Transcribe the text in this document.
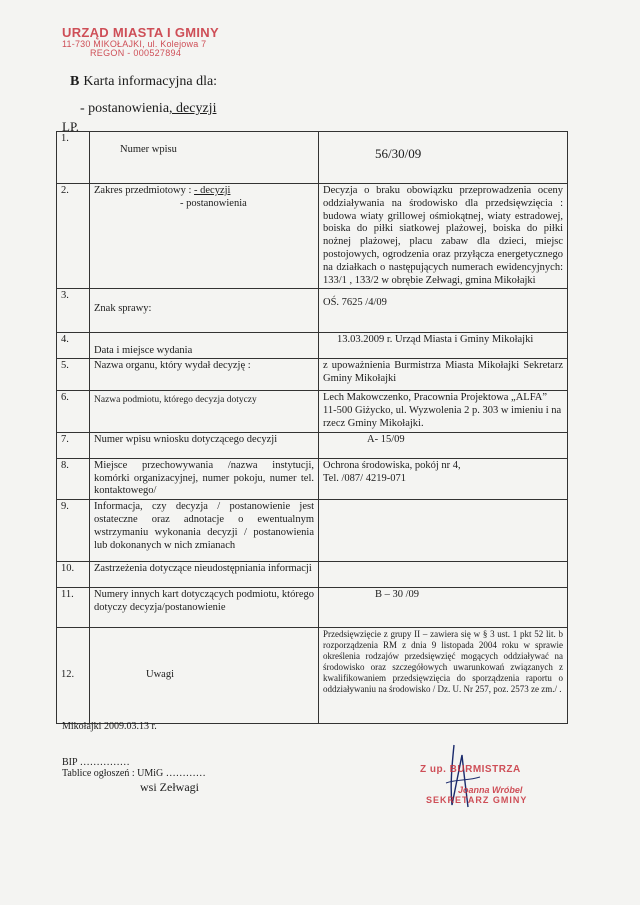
URZĄD MIASTA I GMINY
11-730 MIKOŁAJKI, ul. Kolejowa 7
REGON - 000527894
B Karta informacyjna dla:
- postanowienia, decyzji
LP.
1.	Numer wpisu	56/30/09
2.	Zakres przedmiotowy : - decyzji
- postanowienia	Decyzja o braku obowiązku przeprowadzenia oceny oddziaływania na środowisko dla przedsięwzięcia : budowa wiaty grillowej ośmiokątnej, wiaty estradowej, boiska do piłki siatkowej plażowej, boiska do piłki nożnej plażowej, placu zabaw dla dzieci, miejsc postojowych, ogrodzenia oraz przyłącza energetycznego na działkach o następujących numerach ewidencyjnych: 133/1 , 133/2 w obrębie Zełwagi, gmina Mikołajki
3.	Znak sprawy:	OŚ. 7625 /4/09
4.	Data i miejsce wydania	13.03.2009 r. Urząd Miasta i Gminy Mikołajki
5.	Nazwa organu, który wydał decyzję :	z upoważnienia Burmistrza Miasta Mikołajki Sekretarz Gminy Mikołajki
6.	Nazwa podmiotu, którego decyzja dotyczy	Lech Makowczenko, Pracownia Projektowa „ALFA”
11-500 Giżycko, ul. Wyzwolenia 2 p. 303 w imieniu i na rzecz Gminy Mikołajki.
7.	Numer wpisu wniosku dotyczącego decyzji	A- 15/09
8.	Miejsce przechowywania /nazwa instytucji, komórki organizacyjnej, numer pokoju, numer tel. kontaktowego/	Ochrona środowiska, pokój nr 4,
Tel. /087/ 4219-071
9.	Informacja, czy decyzja / postanowienie jest ostateczne oraz adnotacje o ewentualnym wstrzymaniu wykonania decyzji / postanowienia lub dokonanych w nich zmianach	
10.	Zastrzeżenia dotyczące nieudostępniania informacji	
11.	Numery innych kart dotyczących podmiotu, którego dotyczy decyzja/postanowienie	B – 30 /09
12.	Uwagi	Przedsięwzięcie z grupy II – zawiera się w § 3 ust. 1 pkt 52 lit. b rozporządzenia RM z dnia 9 listopada 2004 roku w sprawie określenia rodzajów przedsięwzięć mogących oddziaływać na środowisko oraz szczegółowych uwarunkowań związanych z kwalifikowaniem przedsięwzięcia do sporządzenia raportu o oddziaływaniu na środowisko / Dz. U. Nr 257, poz. 2573 ze zm./ .
Mikołajki 2009.03.13 r.
BIP ……………
Tablice ogłoszeń : UMiG …………
wsi Zełwagi
Z up. BURMISTRZA
Joanna Wróbel
SEKRETARZ GMINY
